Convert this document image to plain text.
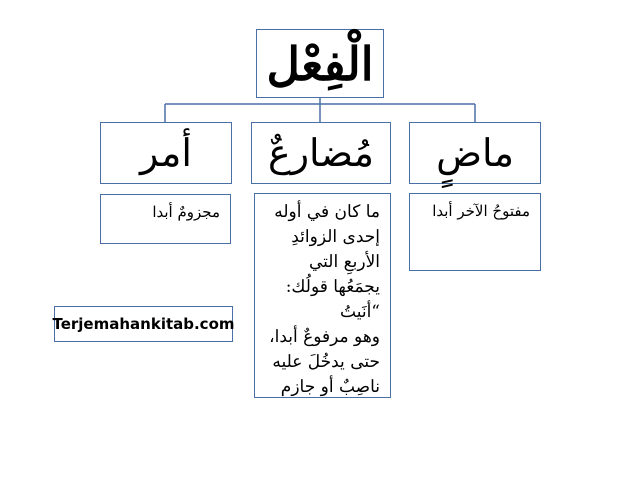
الْفِعْل
أمر مُضارعٌ ماضٍ
مجزومٌ أبدا	ما كان في أوله
إحدى الزوائدِ
الأربعِ التي
يجمَعُها قولُك:
“أنَيتُ
وهو مرفوعٌ أبدا،
حتى يدخُلَ عليه
ناصِبٌ أو جازم
مفتوحُ الآخر أبدا
Terjemahankitab.com
